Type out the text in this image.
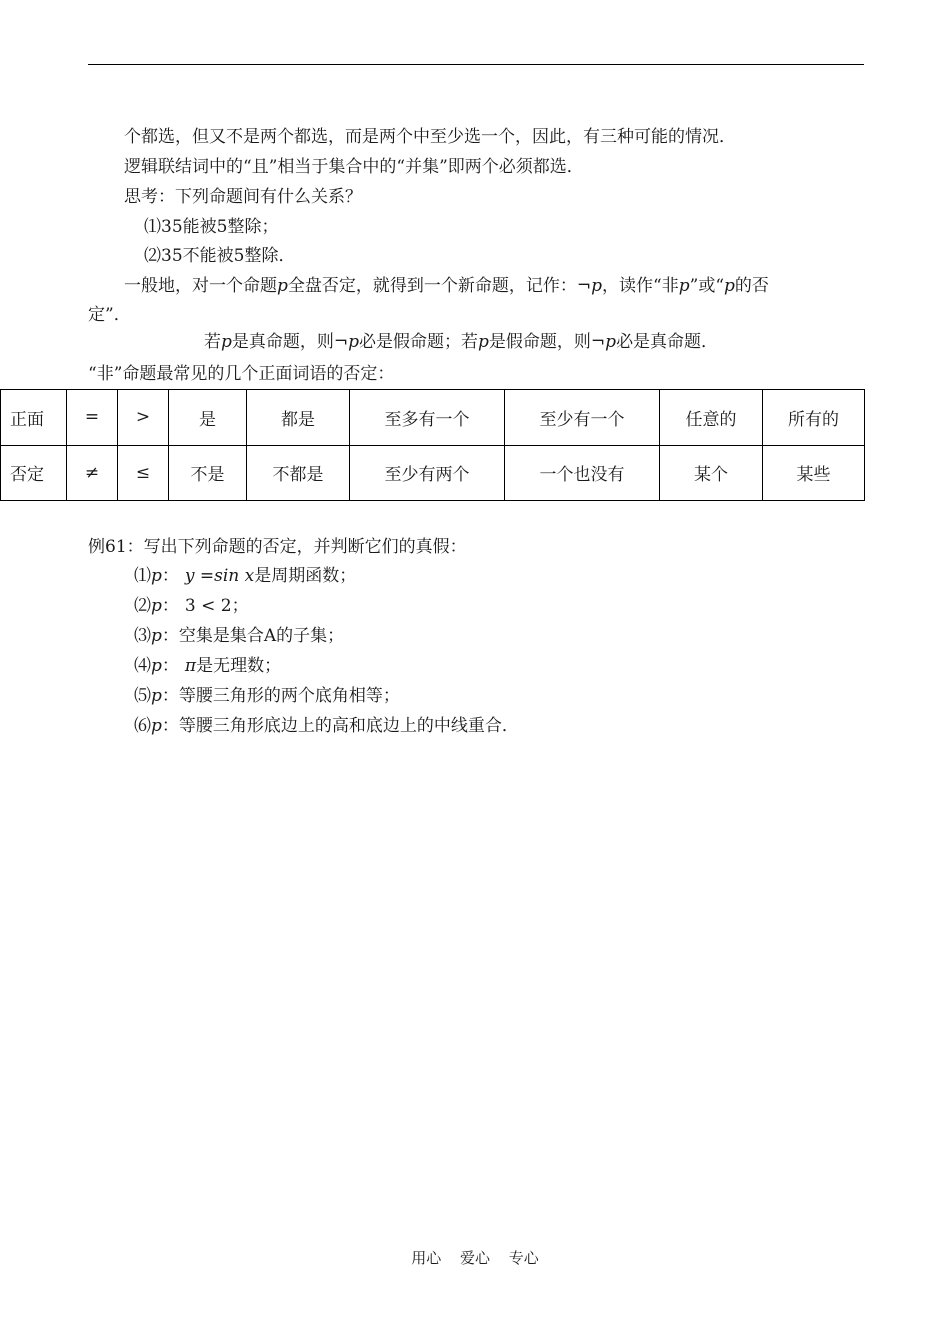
个都选，但又不是两个都选，而是两个中至少选一个，因此，有三种可能的情况．
逻辑联结词中的“且”相当于集合中的“并集”即两个必须都选．
思考：下列命题间有什么关系？
⑴35能被5整除；
⑵35不能被5整除．
一般地，对一个命题p全盘否定，就得到一个新命题，记作：¬p，读作“非p”或“p的否
定”．
若p是真命题，则¬p必是假命题；若p是假命题，则¬p必是真命题．
“非”命题最常见的几个正面词语的否定：
正面	=	>	是	都是	至多有一个	至少有一个	任意的	所有的
否定	≠	≤	不是	不都是	至少有两个	一个也没有	某个	某些
例61：写出下列命题的否定，并判断它们的真假：
⑴p： y =sin x是周期函数；
⑵p： 3 < 2；
⑶p：空集是集合A的子集；
⑷p： π是无理数；
⑸p：等腰三角形的两个底角相等；
⑹p：等腰三角形底边上的高和底边上的中线重合．
用心 爱心 专心
